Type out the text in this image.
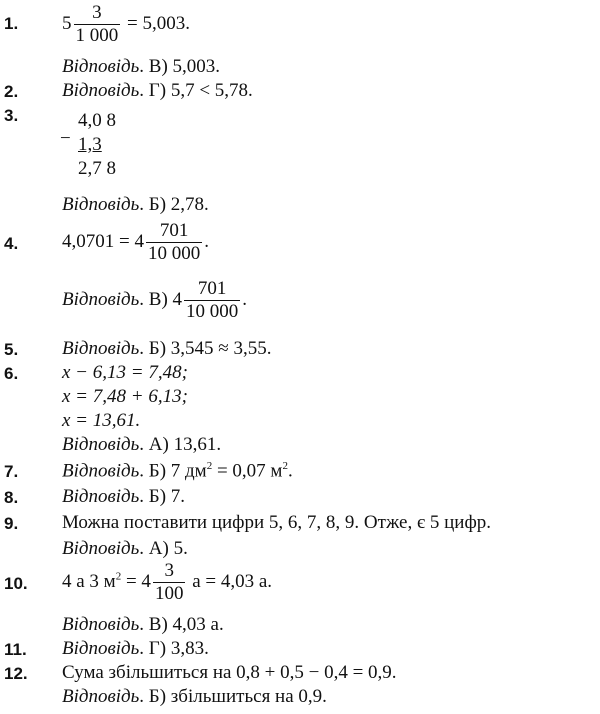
1. $5 \frac{3}{1 000} = 5,003$.
Відповідь. В) 5,003.
2. Відповідь. Г) 5,7 < 5,78.
3.
−
4,0 8
1,3
2,7 8
Відповідь. Б) 2,78.
4. $4,0701 = 4 \frac{701}{10 000}$ .
Відповідь. В) $4 \frac{701}{10 000}$ .
5. Відповідь. Б) 3,545 ≈ 3,55.
6. x − 6,13 = 7,48;
x = 7,48 + 6,13;
x = 13,61.
Відповідь. А) 13,61.
7. Відповідь. Б) 7 $дм^2 = 0,07$ $м^2$.
8. Відповідь. Б) 7.
9. Можна поставити цифри 5, 6, 7, 8, 9. Отже, є 5 цифр.
Відповідь. А) 5.
10. 4 а 3 $м^2 = 4 \frac{3}{100}$ а = 4,03 а.
Відповідь. В) 4,03 а.
11. Відповідь. Г) 3,83.
12. Сума збільшиться на 0,8 + 0,5 − 0,4 = 0,9.
Відповідь. Б) збільшиться на 0,9.
